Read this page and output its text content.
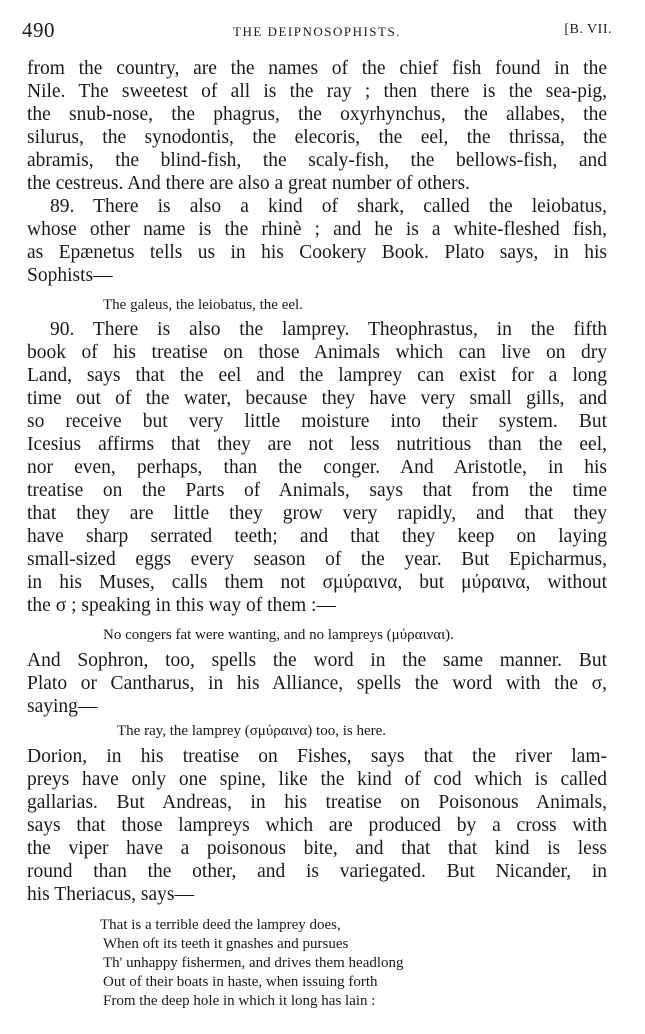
490	THE DEIPNOSOPHISTS.	[B. VII.
from the country, are the names of the chief fish found in the
Nile. The sweetest of all is the ray ; then there is the sea-pig,
the snub-nose, the phagrus, the oxyrhynchus, the allabes, the
silurus, the synodontis, the elecoris, the eel, the thrissa, the
abramis, the blind-fish, the scaly-fish, the bellows-fish, and
the cestreus. And there are also a great number of others.
89. There is also a kind of shark, called the leiobatus,
whose other name is the rhinè ; and he is a white-fleshed fish,
as Epænetus tells us in his Cookery Book. Plato says, in his
Sophists—
The galeus, the leiobatus, the eel.
90. There is also the lamprey. Theophrastus, in the fifth
book of his treatise on those Animals which can live on dry
Land, says that the eel and the lamprey can exist for a long
time out of the water, because they have very small gills, and
so receive but very little moisture into their system. But
Icesius affirms that they are not less nutritious than the eel,
nor even, perhaps, than the conger. And Aristotle, in his
treatise on the Parts of Animals, says that from the time
that they are little they grow very rapidly, and that they
have sharp serrated teeth; and that they keep on laying
small-sized eggs every season of the year. But Epicharmus,
in his Muses, calls them not σμύραινα, but μύραινα, without
the σ ; speaking in this way of them :—
No congers fat were wanting, and no lampreys (μύραιναι).
And Sophron, too, spells the word in the same manner. But
Plato or Cantharus, in his Alliance, spells the word with the σ,
saying—
The ray, the lamprey (σμύραινα) too, is here.
Dorion, in his treatise on Fishes, says that the river lam-
preys have only one spine, like the kind of cod which is called
gallarias. But Andreas, in his treatise on Poisonous Animals,
says that those lampreys which are produced by a cross with
the viper have a poisonous bite, and that that kind is less
round than the other, and is variegated. But Nicander, in
his Theriacus, says—
That is a terrible deed the lamprey does,
When oft its teeth it gnashes and pursues
Th' unhappy fishermen, and drives them headlong
Out of their boats in haste, when issuing forth
From the deep hole in which it long has lain :
